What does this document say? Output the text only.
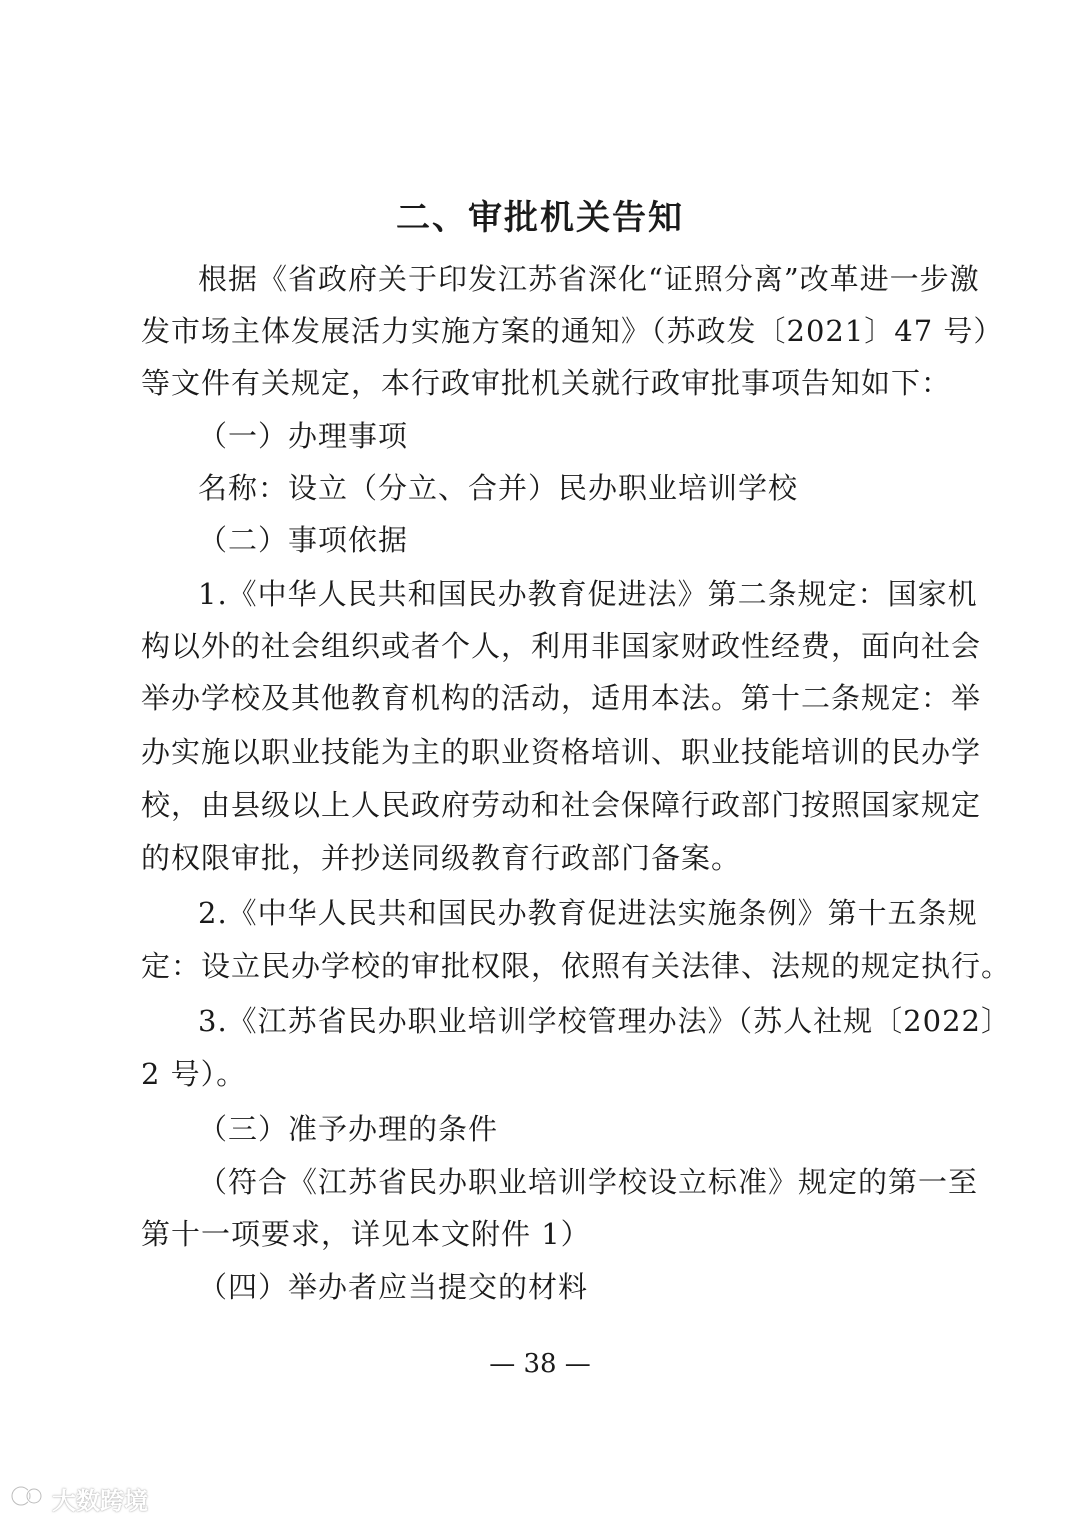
二、审批机关告知
根据《省政府关于印发江苏省深化“证照分离”改革进一步激
发市场主体发展活力实施方案的通知》（苏政发〔2021〕47 号）
等文件有关规定，本行政审批机关就行政审批事项告知如下：
（一）办理事项
名称：设立（分立、合并）民办职业培训学校
（二）事项依据
1.《中华人民共和国民办教育促进法》第二条规定：国家机
构以外的社会组织或者个人，利用非国家财政性经费，面向社会
举办学校及其他教育机构的活动，适用本法。第十二条规定：举
办实施以职业技能为主的职业资格培训、职业技能培训的民办学
校，由县级以上人民政府劳动和社会保障行政部门按照国家规定
的权限审批，并抄送同级教育行政部门备案。
2.《中华人民共和国民办教育促进法实施条例》第十五条规
定：设立民办学校的审批权限，依照有关法律、法规的规定执行。
3.《江苏省民办职业培训学校管理办法》（苏人社规〔2022〕
2 号）。
（三）准予办理的条件
（符合《江苏省民办职业培训学校设立标准》规定的第一至
第十一项要求，详见本文附件 1）
（四）举办者应当提交的材料
— 38 —
大数跨境
